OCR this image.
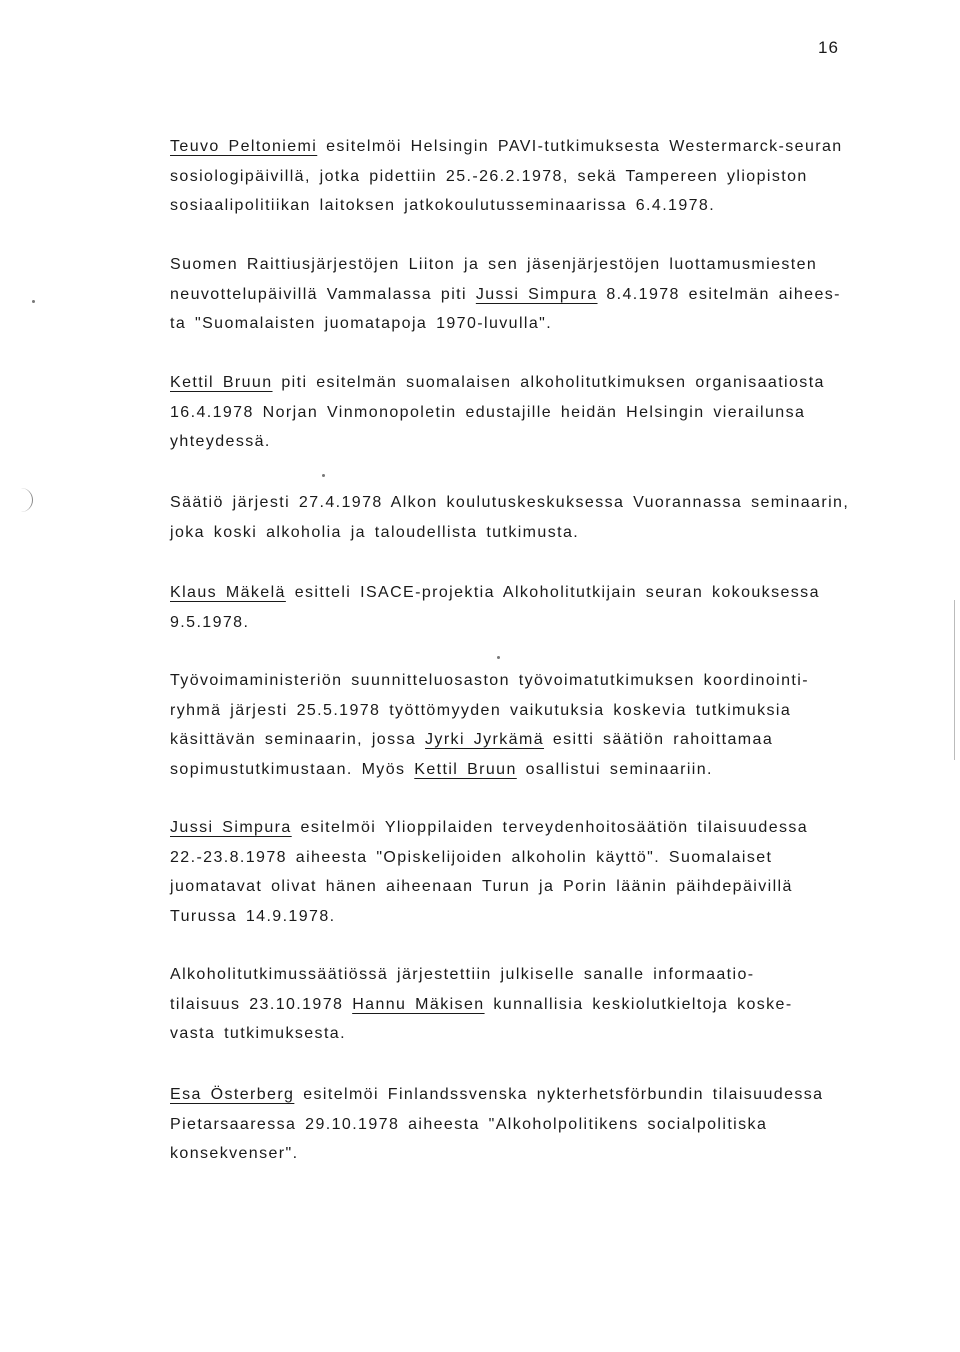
16
Teuvo Peltoniemi esitelmöi Helsingin PAVI-tutkimuksesta Westermarck-seuran
sosiologipäivillä, jotka pidettiin 25.-26.2.1978, sekä Tampereen yliopiston
sosiaalipolitiikan laitoksen jatkokoulutusseminaarissa 6.4.1978.
Suomen Raittiusjärjestöjen Liiton ja sen jäsenjärjestöjen luottamusmiesten
neuvottelupäivillä Vammalassa piti Jussi Simpura 8.4.1978 esitelmän aihees-
ta "Suomalaisten juomatapoja 1970-luvulla".
Kettil Bruun piti esitelmän suomalaisen alkoholitutkimuksen organisaatiosta
16.4.1978 Norjan Vinmonopoletin edustajille heidän Helsingin vierailunsa
yhteydessä.
Säätiö järjesti 27.4.1978 Alkon koulutuskeskuksessa Vuorannassa seminaarin,
joka koski alkoholia ja taloudellista tutkimusta.
Klaus Mäkelä esitteli ISACE-projektia Alkoholitutkijain seuran kokouksessa
9.5.1978.
Työvoimaministeriön suunnitteluosaston työvoimatutkimuksen koordinointi-
ryhmä järjesti 25.5.1978 työttömyyden vaikutuksia koskevia tutkimuksia
käsittävän seminaarin, jossa Jyrki Jyrkämä esitti säätiön rahoittamaa
sopimustutkimustaan. Myös Kettil Bruun osallistui seminaariin.
Jussi Simpura esitelmöi Ylioppilaiden terveydenhoitosäätiön tilaisuudessa
22.-23.8.1978 aiheesta "Opiskelijoiden alkoholin käyttö". Suomalaiset
juomatavat olivat hänen aiheenaan Turun ja Porin läänin päihdepäivillä
Turussa 14.9.1978.
Alkoholitutkimussäätiössä järjestettiin julkiselle sanalle informaatio-
tilaisuus 23.10.1978 Hannu Mäkisen kunnallisia keskiolutkieltoja koske-
vasta tutkimuksesta.
Esa Österberg esitelmöi Finlandssvenska nykterhetsförbundin tilaisuudessa
Pietarsaaressa 29.10.1978 aiheesta "Alkoholpolitikens socialpolitiska
konsekvenser".
